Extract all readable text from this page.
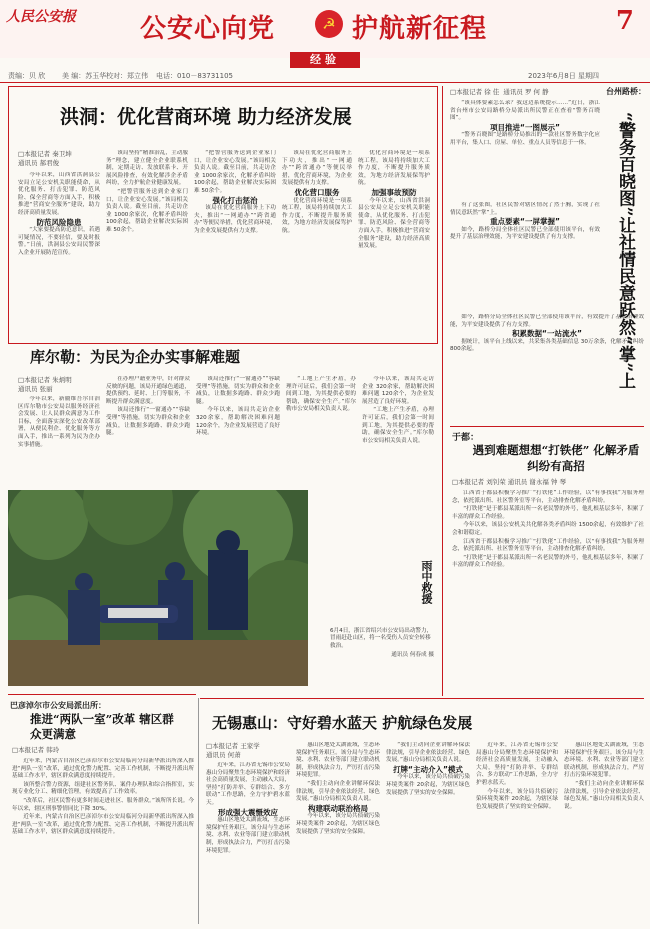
人民公安报 公安心向党	☭ 护航新征程	7
经验
责编：贝 欣 美 编：苏玉华 校对：郑立伟 电话：010－83731105	2023年6月8日 星期四
洪洞：优化营商环境 助力经济发展
□本报记者 秦卫坤
通讯员 郝君俊

今年以来，山西省洪洞县公安局立足公安机关职能使命，从优化服务、打击犯罪、防范风险、保全营商等方面入手，积极推进“营商安全服务”建设，助力经济高质量发展。

防范风险隐患

“大家要提高防范意识，若遇可疑情况，不要轻信，要及时报警。”日前，洪洞县公安局民警深入企业开展防范宣传。

该局坚持“精准治乱，主动服务”理念，建立健全企业联系机制，定期走访、发放联系卡、开展风险排查，有效化解涉企矛盾纠纷，全力护航企业健康发展。

“把警营服务送到企业家门口，让企业安心发展。”该局相关负责人说。截至目前，共走访企业 1000余家次，化解矛盾纠纷 100余起，帮助企业解决实际困难 50余个。

“把警营服务送到企业家门口，让企业安心发展。”该局相关负责人说。截至目前，共走访企业 1000余家次，化解矛盾纠纷 100余起，帮助企业解决实际困难 50余个。

强化打击惩治

该局在优化营商服务上下功夫，推出“一网通办”“跨省通办”等便民举措，优化营商环境，为企业发展提供有力支撑。

该局在优化营商服务上下功夫，推出“一网通办”“跨省通办”等便民举措，优化营商环境，为企业发展提供有力支撑。

优化营口服务

优化营商环境是一项系统工程，该局将持续加大工作力度，不断提升服务质效，为地方经济发展保驾护航。

优化营商环境是一项系统工程，该局将持续加大工作力度，不断提升服务质效，为地方经济发展保驾护航。

加强事故预防

今年以来，山西省洪洞县公安局立足公安机关职能使命，从优化服务、打击犯罪、防范风险、保全营商等方面入手，积极推进“营商安全服务”建设，助力经济高质量发展。

库尔勒：为民为企办实事解难题
□本报记者 朱炳明
通讯员 张丽

今年以来，新疆维吾尔自治区库尔勒市公安局以服务经济社会发展、让人民群众满意为工作目标，全面落实深化公安改革部署，从便民利企、优化服务等方面入手，推出一系列为民为企办实事措施。

在办理户籍业务中，针对群众反映的问题，该局开通绿色通道，提供预约、延时、上门等服务，不断提升群众满意度。

该局还推行“一窗通办”“容缺受理”等措施，切实为群众和企业减负，让数据多跑路、群众少跑腿。

该局还推行“一窗通办”“容缺受理”等措施，切实为群众和企业减负，让数据多跑路、群众少跑腿。

今年以来，该局共走访企业 320余家，帮助解决困难问题 120余个，为企业发展营造了良好环境。

“工地上产生矛盾，办理许可证后，我们会第一时间到工地，为其提供必要的帮助，确保安全生产。”库尔勒市公安局相关负责人说。

今年以来，该局共走访企业 320余家，帮助解决困难问题 120余个，为企业发展营造了良好环境。

“工地上产生矛盾，办理许可证后，我们会第一时间到工地，为其提供必要的帮助，确保安全生产。”库尔勒市公安局相关负责人说。

雨中救援
6月4日，浙江省绍兴市公安局出动警力，冒雨赶赴山区，将一名受伤人员安全转移救治。
通讯员 何春成 摄
巴彦淖尔市公安局派出所：
推进“两队一室”改革 辖区群众更满意
□本报记者 韩玲

近年来，内蒙古自治区巴彦淖尔市公安局临河分局新华派出所深入推进“两队一室”改革，通过优化警力配置、完善工作机制，不断提升派出所基础工作水平，辖区群众满意度持续提升。

该所整合警力资源，组建社区警务队、案件办理队和综合指挥室，实现专业化分工、精细化管理，有效提高了工作效率。

“改革后，社区民警有更多时间走进社区、服务群众。”该所所长说。今年以来，辖区刑事警情同比下降 30%。

近年来，内蒙古自治区巴彦淖尔市公安局临河分局新华派出所深入推进“两队一室”改革，通过优化警力配置、完善工作机制，不断提升派出所基础工作水平，辖区群众满意度持续提升。

无锡惠山：守好碧水蓝天 护航绿色发展
□本报记者 王家学
通讯员 何萧

近年来，江苏省无锡市公安局惠山分局聚焦生态环境保护和经济社会高质量发展，主动融入大局，坚持“打防并举、专群结合、多方联动”工作思路，全力守护碧水蓝天。

形成强大震慑效应

惠山区地处太湖流域，生态环境保护任务艰巨。该分局与生态环境、水利、农业等部门建立联动机制，形成执法合力，严厉打击污染环境犯罪。

惠山区地处太湖流域，生态环境保护任务艰巨。该分局与生态环境、水利、农业等部门建立联动机制，形成执法合力，严厉打击污染环境犯罪。

“我们主动向企业讲解环保法律法规，引导企业依法经营、绿色发展。”惠山分局相关负责人说。

构建联动联治格局

今年以来，该分局共侦破污染环境类案件 20余起，为辖区绿色发展提供了坚实的安全保障。

“我们主动向企业讲解环保法律法规，引导企业依法经营、绿色发展。”惠山分局相关负责人说。

打牌“主动介入”模式

今年以来，该分局共侦破污染环境类案件 20余起，为辖区绿色发展提供了坚实的安全保障。

近年来，江苏省无锡市公安局惠山分局聚焦生态环境保护和经济社会高质量发展，主动融入大局，坚持“打防并举、专群结合、多方联动”工作思路，全力守护碧水蓝天。

今年以来，该分局共侦破污染环境类案件 20余起，为辖区绿色发展提供了坚实的安全保障。

惠山区地处太湖流域，生态环境保护任务艰巨。该分局与生态环境、水利、农业等部门建立联动机制，形成执法合力，严厉打击污染环境犯罪。

“我们主动向企业讲解环保法律法规，引导企业依法经营、绿色发展。”惠山分局相关负责人说。

□本报记者 徐 佳 通讯员 罗 何 静	台州路桥：
“警务百晓图”让社情民意跃然“掌”上

“该具体要素怎么录？我这边系统提示……”近日，浙江省台州市公安局路桥分局派出所民警正在查看“警务百晓图”。

项目推进“一图展示”

“警务百晓图”是路桥分局推出的一款社区警务数字化应用平台，集人口、房屋、单位、重点人员等信息于一体。

有了这张图，社区民警对辖区情况了然于胸，实现了社情民意跃然“掌”上。

重点要素“一屏掌握”

如今，路桥分局全体社区民警已全部使用该平台，有效提升了基层治理效能，为平安建设提供了有力支撑。

如今，路桥分局全体社区民警已全部使用该平台，有效提升了基层治理效能，为平安建设提供了有力支撑。

积累数据“一站流水”

据统计，该平台上线以来，共采集各类基础信息 30万余条，化解矛盾纠纷 800余起。

于都：
遇到难题想想“打铁佬” 化解矛盾纠纷有高招
□本报记者 刘钊荣 通讯员 谢永福 钟 琴

江西省于都县积极学习推广“打铁佬”工作经验，以“有事找我”为服务理念，依托派出所、社区警务室等平台，主动排查化解矛盾纠纷。

“打铁佬”是于都县某派出所一名老民警的外号，他扎根基层多年，积累了丰富的群众工作经验。

今年以来，该县公安机关共化解各类矛盾纠纷 1500余起，有效维护了社会和谐稳定。

江西省于都县积极学习推广“打铁佬”工作经验，以“有事找我”为服务理念，依托派出所、社区警务室等平台，主动排查化解矛盾纠纷。

“打铁佬”是于都县某派出所一名老民警的外号，他扎根基层多年，积累了丰富的群众工作经验。
